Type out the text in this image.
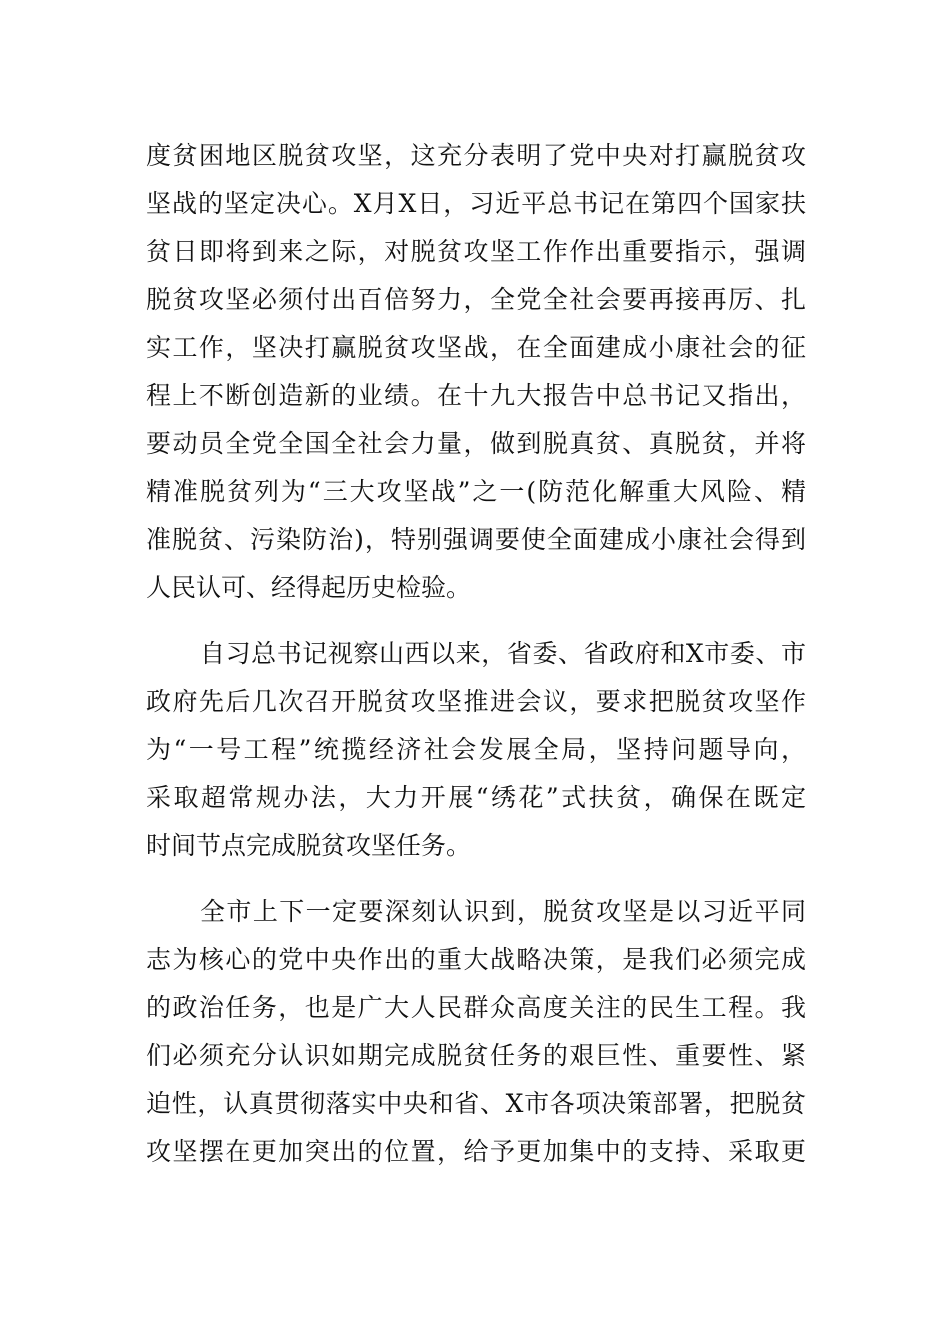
度贫困地区脱贫攻坚，这充分表明了党中央对打赢脱贫攻
坚战的坚定决心。X月X日，习近平总书记在第四个国家扶
贫日即将到来之际，对脱贫攻坚工作作出重要指示，强调
脱贫攻坚必须付出百倍努力，全党全社会要再接再厉、扎
实工作，坚决打赢脱贫攻坚战，在全面建成小康社会的征
程上不断创造新的业绩。在十九大报告中总书记又指出，
要动员全党全国全社会力量，做到脱真贫、真脱贫，并将
精准脱贫列为“三大攻坚战”之一(防范化解重大风险、精
准脱贫、污染防治)，特别强调要使全面建成小康社会得到
人民认可、经得起历史检验。
自习总书记视察山西以来，省委、省政府和X市委、市
政府先后几次召开脱贫攻坚推进会议，要求把脱贫攻坚作
为“一号工程”统揽经济社会发展全局，坚持问题导向，
采取超常规办法，大力开展“绣花”式扶贫，确保在既定
时间节点完成脱贫攻坚任务。
全市上下一定要深刻认识到，脱贫攻坚是以习近平同
志为核心的党中央作出的重大战略决策，是我们必须完成
的政治任务，也是广大人民群众高度关注的民生工程。我
们必须充分认识如期完成脱贫任务的艰巨性、重要性、紧
迫性，认真贯彻落实中央和省、X市各项决策部署，把脱贫
攻坚摆在更加突出的位置，给予更加集中的支持、采取更
